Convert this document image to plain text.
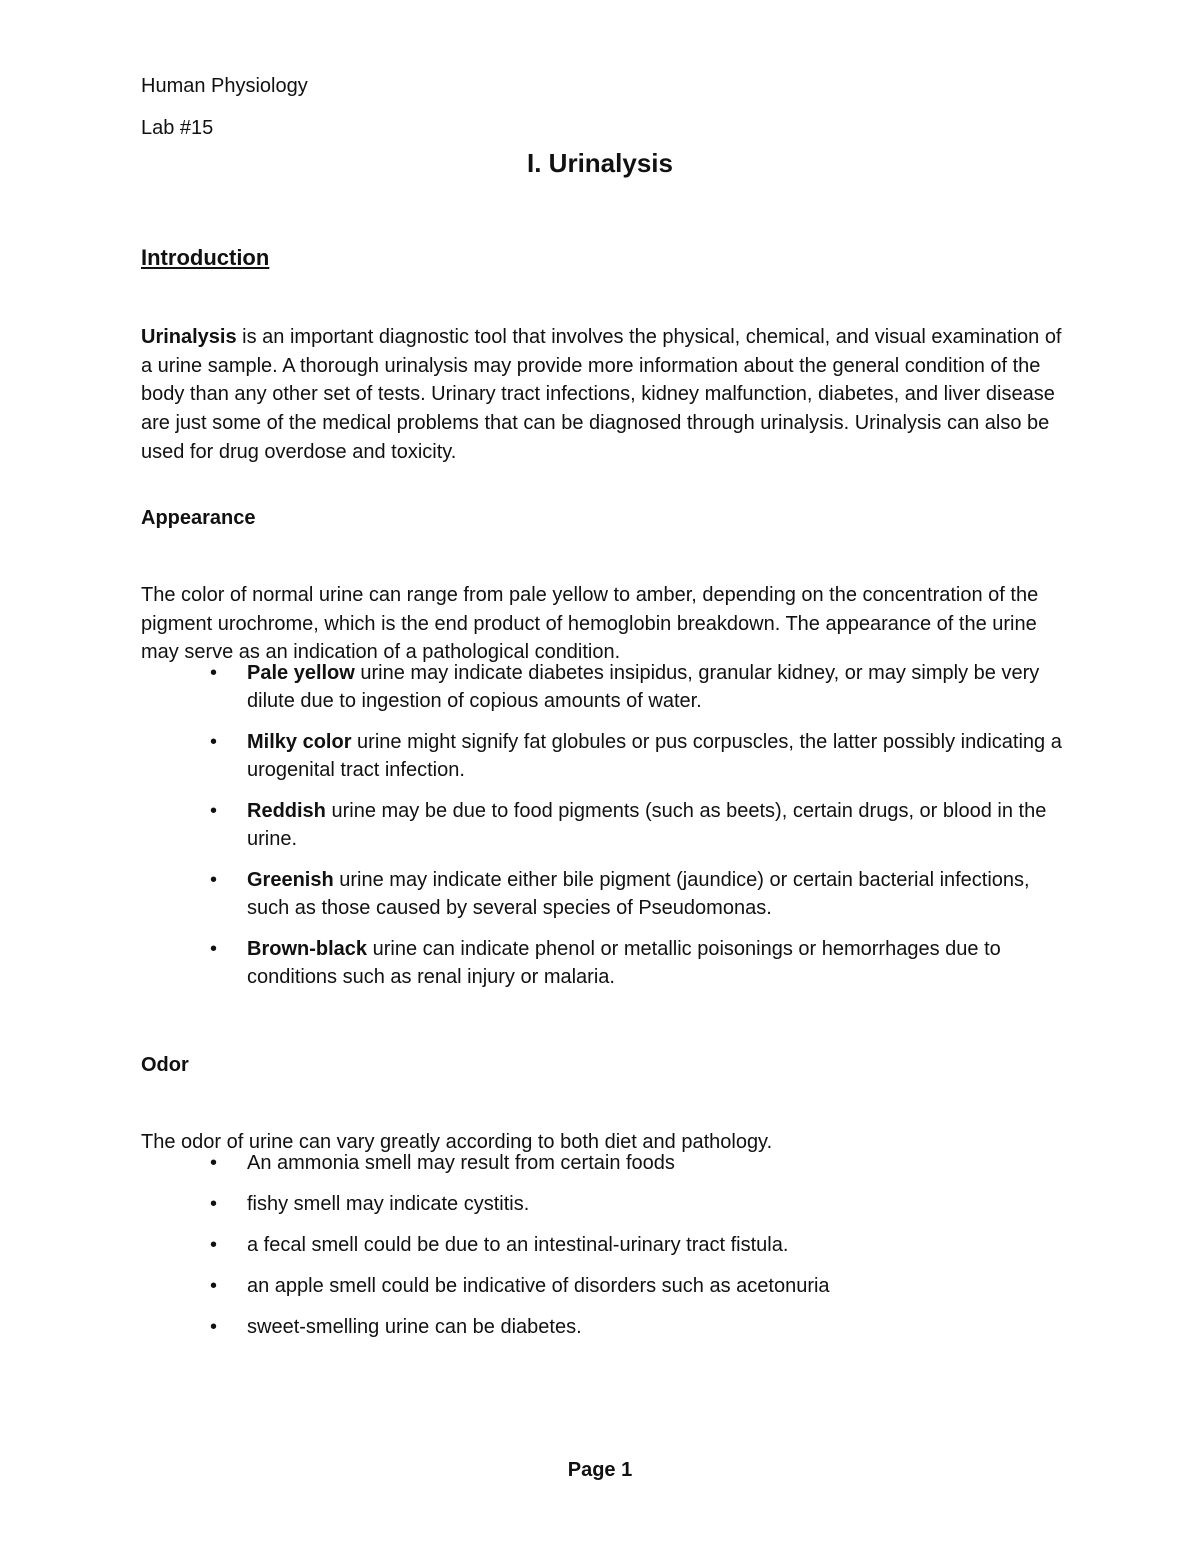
Human Physiology
Lab #15
I. Urinalysis
Introduction

Urinalysis is an important diagnostic tool that involves the physical, chemical, and visual examination of a urine sample. A thorough urinalysis may provide more information about the general condition of the body than any other set of tests. Urinary tract infections, kidney malfunction, diabetes, and liver disease are just some of the medical problems that can be diagnosed through urinalysis. Urinalysis can also be used for drug overdose and toxicity.

Appearance

The color of normal urine can range from pale yellow to amber, depending on the concentration of the pigment urochrome, which is the end product of hemoglobin breakdown. The appearance of the urine may serve as an indication of a pathological condition.

• Pale yellow urine may indicate diabetes insipidus, granular kidney, or may simply be very dilute due to ingestion of copious amounts of water.
• Milky color urine might signify fat globules or pus corpuscles, the latter possibly indicating a urogenital tract infection.
• Reddish urine may be due to food pigments (such as beets), certain drugs, or blood in the urine.
• Greenish urine may indicate either bile pigment (jaundice) or certain bacterial infections, such as those caused by several species of Pseudomonas.
• Brown-black urine can indicate phenol or metallic poisonings or hemorrhages due to conditions such as renal injury or malaria.
Odor

The odor of urine can vary greatly according to both diet and pathology.

• An ammonia smell may result from certain foods
• fishy smell may indicate cystitis.
• a fecal smell could be due to an intestinal-urinary tract fistula.
• an apple smell could be indicative of disorders such as acetonuria
• sweet-smelling urine can be diabetes.
Page 1
